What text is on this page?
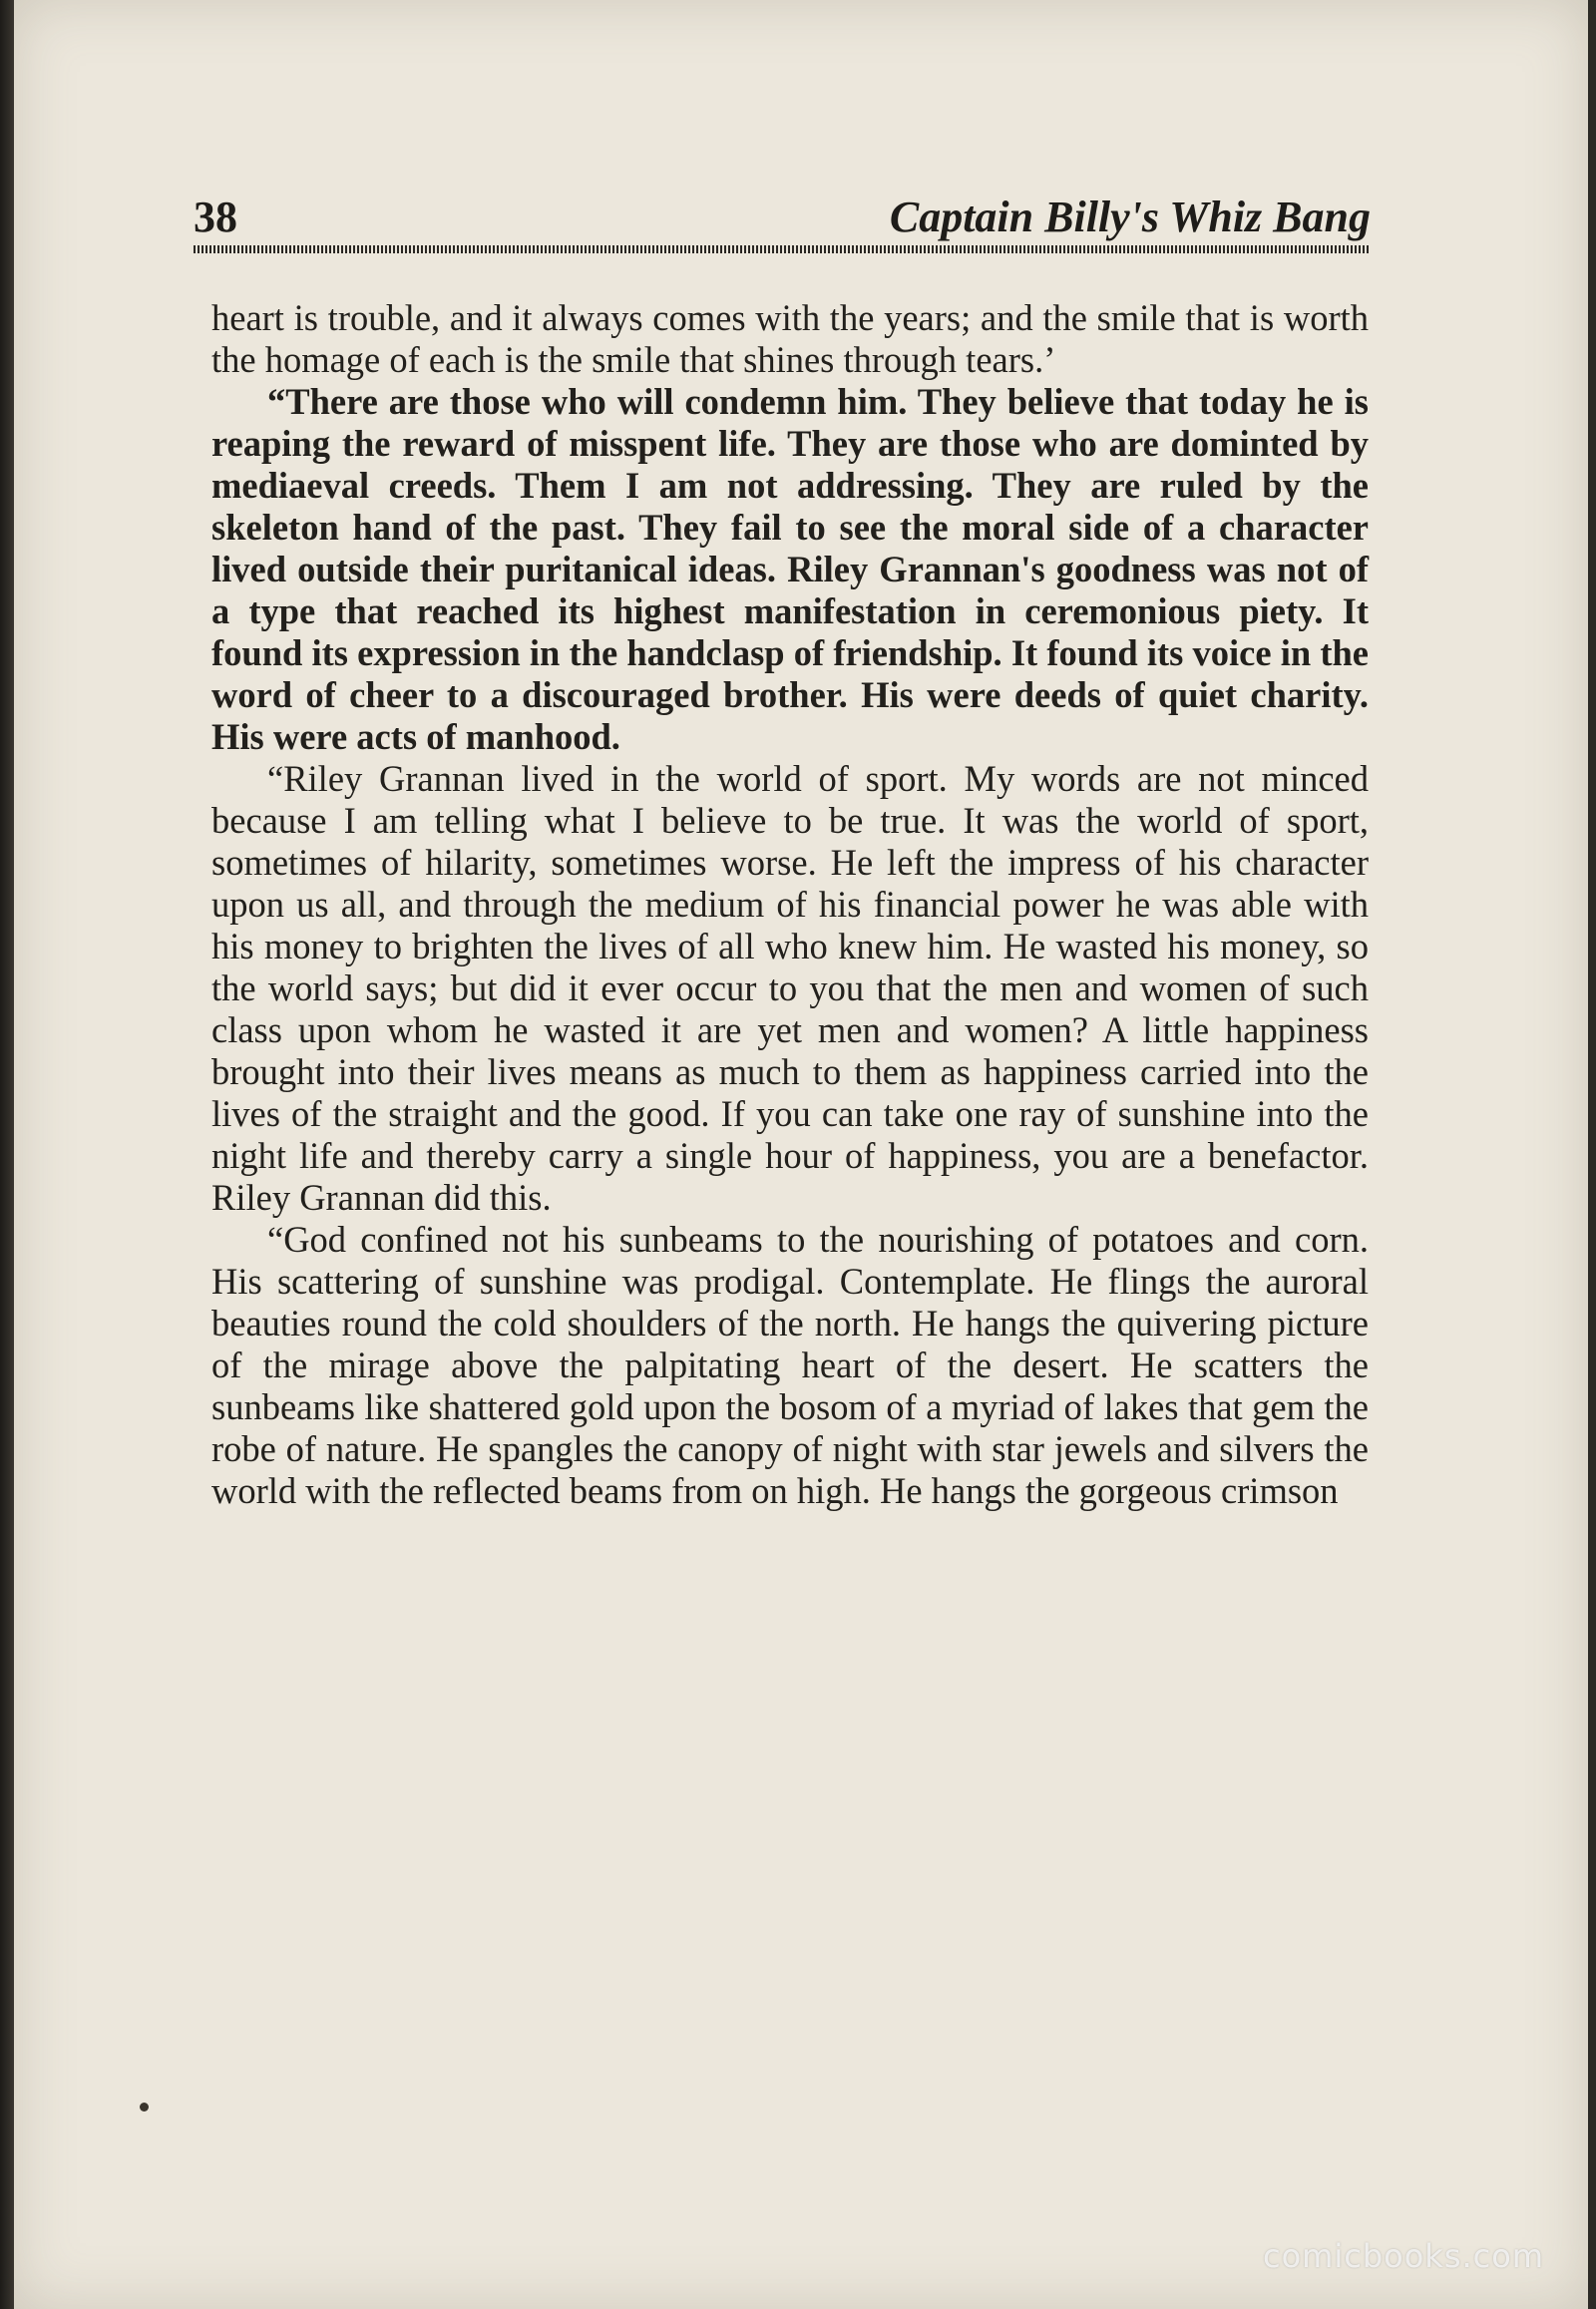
38	Captain Billy's Whiz Bang

heart is trouble, and it always comes with the years; and the smile that is worth the homage of each is the smile that shines through tears.’

“There are those who will condemn him. They believe that today he is reaping the reward of misspent life. They are those who are dominted by mediaeval creeds. Them I am not addressing. They are ruled by the skeleton hand of the past. They fail to see the moral side of a character lived outside their puritanical ideas. Riley Grannan's goodness was not of a type that reached its highest manifestation in ceremonious piety. It found its expression in the handclasp of friendship. It found its voice in the word of cheer to a discouraged brother. His were deeds of quiet charity. His were acts of manhood.

“Riley Grannan lived in the world of sport. My words are not minced because I am telling what I believe to be true. It was the world of sport, sometimes of hilarity, sometimes worse. He left the impress of his character upon us all, and through the medium of his financial power he was able with his money to brighten the lives of all who knew him. He wasted his money, so the world says; but did it ever occur to you that the men and women of such class upon whom he wasted it are yet men and women? A little happiness brought into their lives means as much to them as happiness carried into the lives of the straight and the good. If you can take one ray of sunshine into the night life and thereby carry a single hour of happiness, you are a benefactor. Riley Grannan did this.

“God confined not his sunbeams to the nourishing of potatoes and corn. His scattering of sunshine was prodigal. Contemplate. He flings the auroral beauties round the cold shoulders of the north. He hangs the quivering picture of the mirage above the palpitating heart of the desert. He scatters the sunbeams like shattered gold upon the bosom of a myriad of lakes that gem the robe of nature. He spangles the canopy of night with star jewels and silvers the world with the reflected beams from on high. He hangs the gorgeous crimson

comicbooks.com
